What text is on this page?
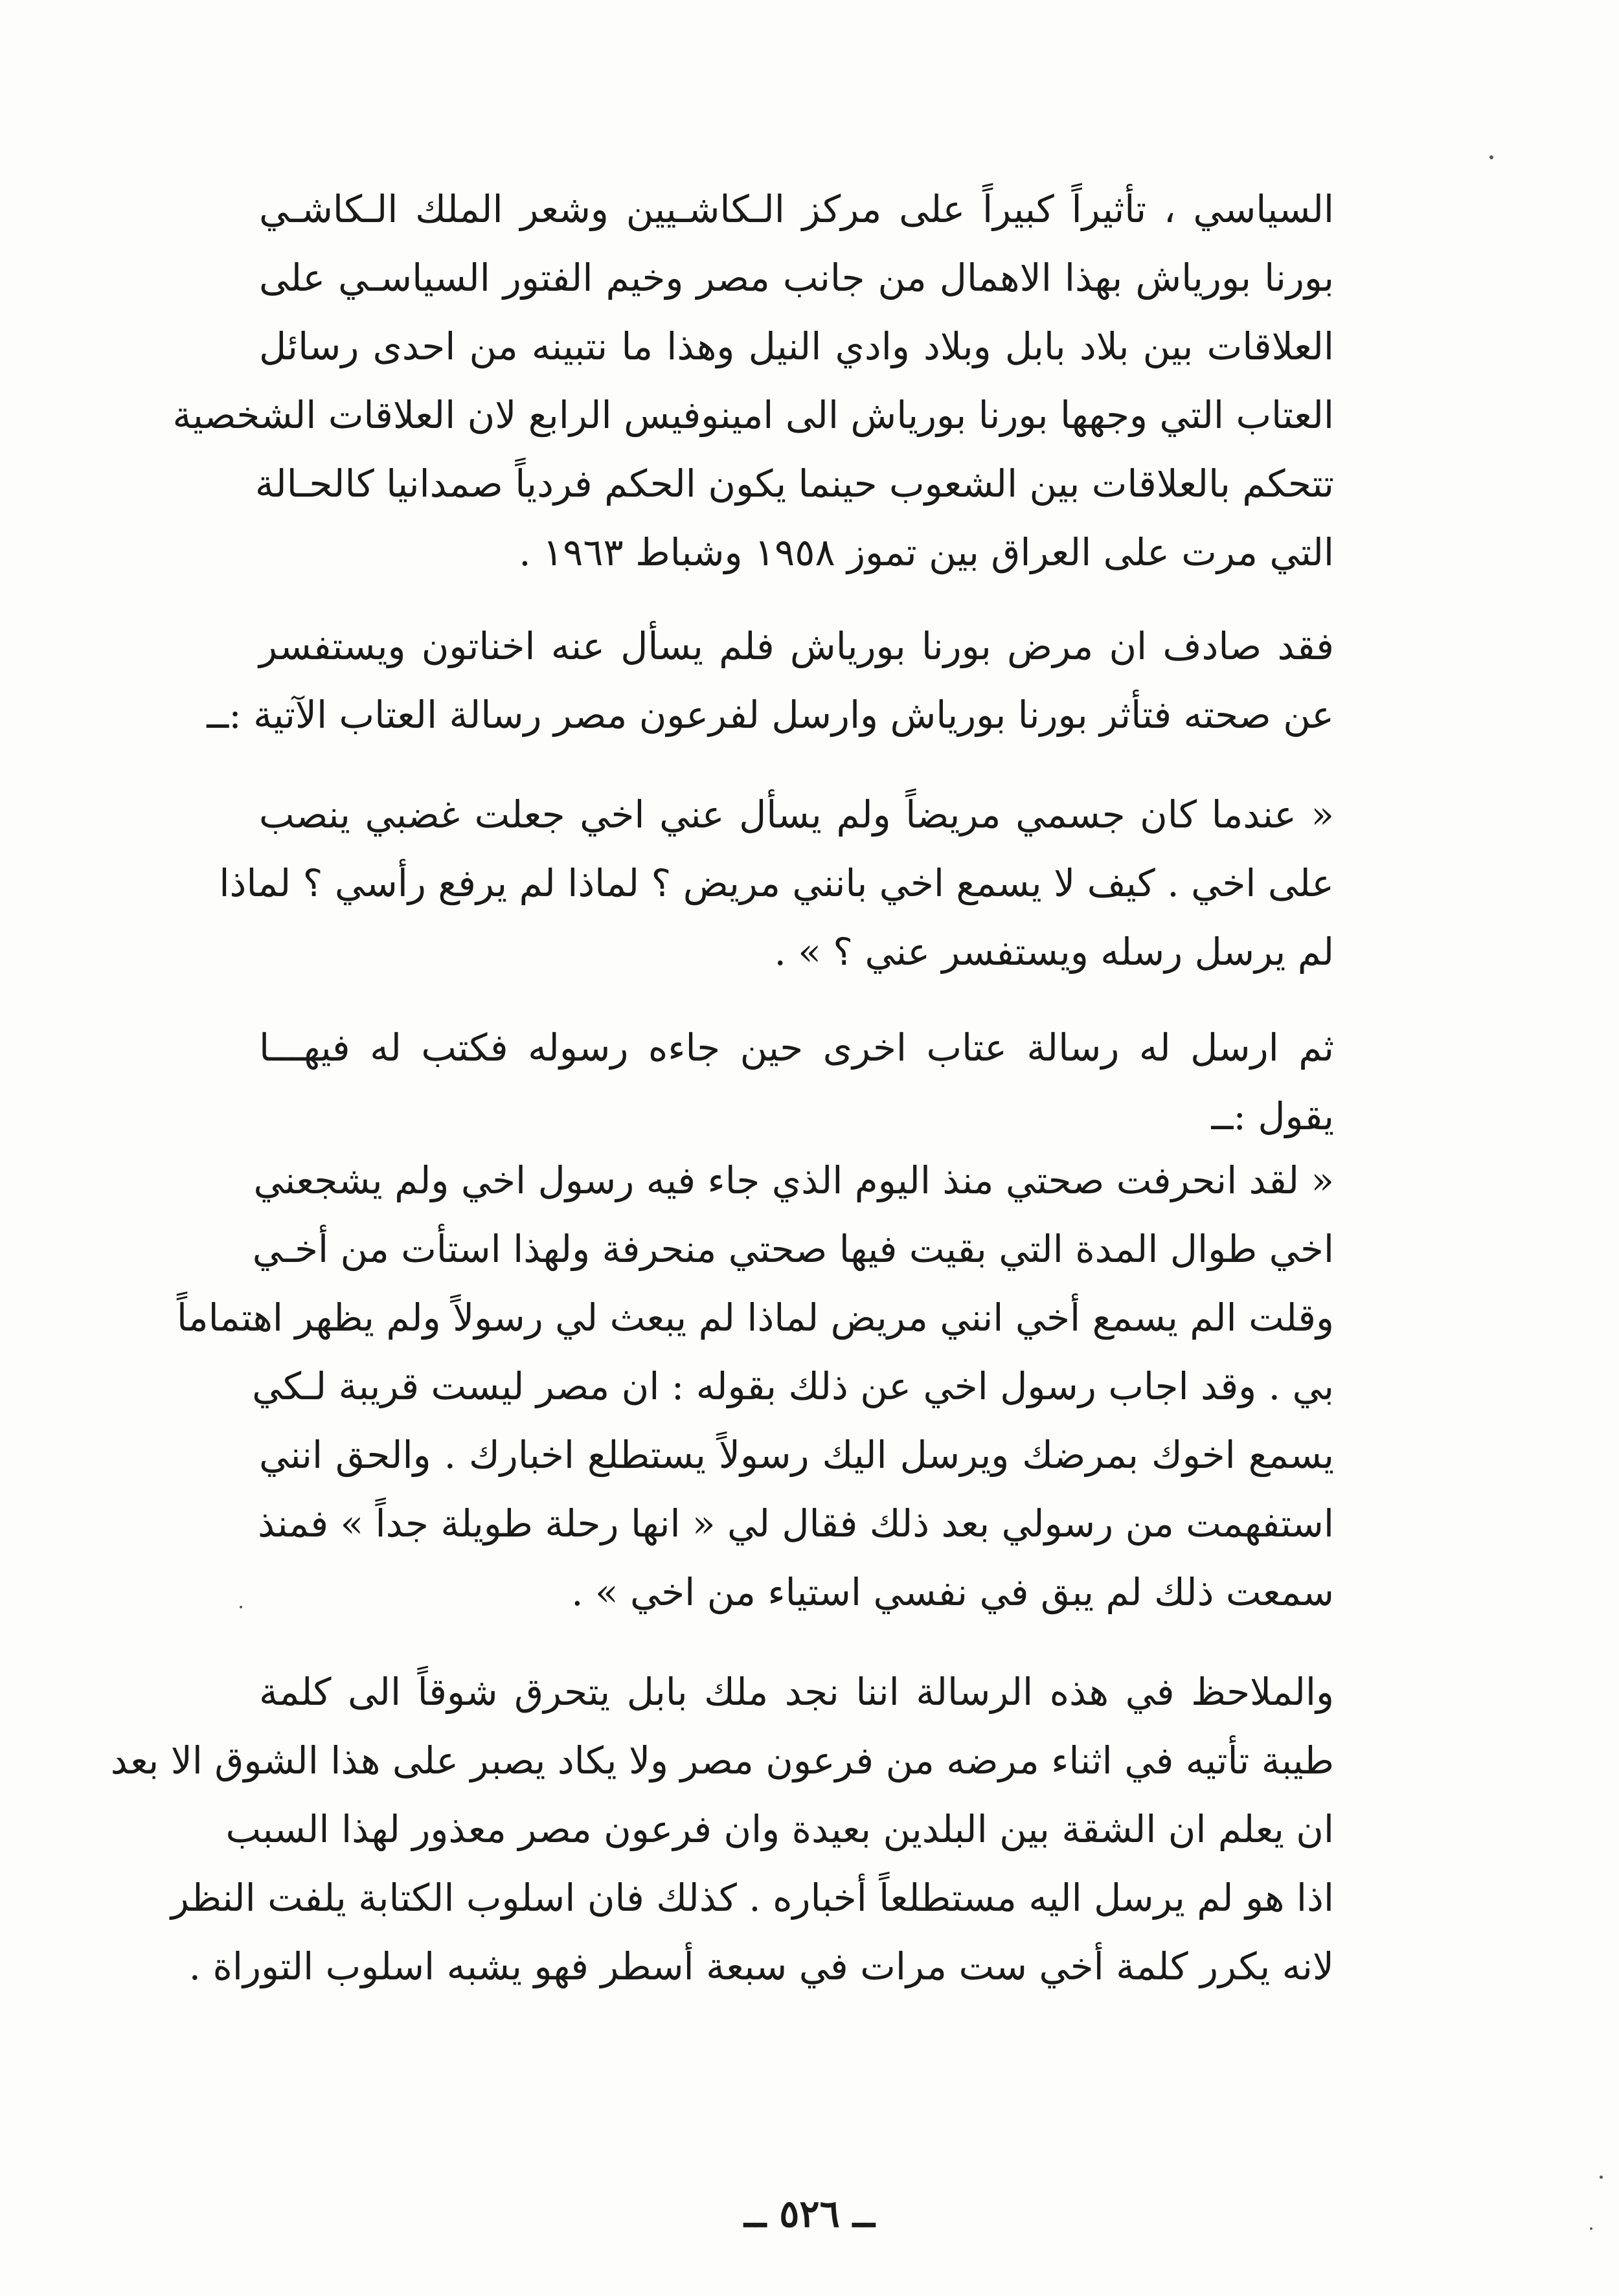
السياسي ، تأثيراً كبيراً على مركز الـكاشـيين وشعر الملك الـكاشـي
بورنا بورياش بهذا الاهمال من جانب مصر وخيم الفتور السياسـي على
العلاقات بين بلاد بابل وبلاد وادي النيل وهذا ما نتبينه من احدى رسائل
العتاب التي وجهها بورنا بورياش الى امينوفيس الرابع لان العلاقات الشخصية
تتحكم بالعلاقات بين الشعوب حينما يكون الحكم فردياً صمدانيا كالحـالة
التي مرت على العراق بين تموز ١٩٥٨ وشباط ١٩٦٣ .
فقد صادف ان مرض بورنا بورياش فلم يسأل عنه اخناتون ويستفسر
عن صحته فتأثر بورنا بورياش وارسل لفرعون مصر رسالة العتاب الآتية :ــ
« عندما كان جسمي مريضاً ولم يسأل عني اخي جعلت غضبي ينصب
على اخي . كيف لا يسمع اخي بانني مريض ؟ لماذا لم يرفع رأسي ؟ لماذا
لم يرسل رسله ويستفسر عني ؟ » .
ثم ارسل له رسالة عتاب اخرى حين جاءه رسوله فكتب له فيهـــا
يقول :ــ
« لقد انحرفت صحتي منذ اليوم الذي جاء فيه رسول اخي ولم يشجعني
اخي طوال المدة التي بقيت فيها صحتي منحرفة ولهذا استأت من أخـي
وقلت الم يسمع أخي انني مريض لماذا لم يبعث لي رسولاً ولم يظهر اهتماماً
بي . وقد اجاب رسول اخي عن ذلك بقوله : ان مصر ليست قريبة لـكي
يسمع اخوك بمرضك ويرسل اليك رسولاً يستطلع اخبارك . والحق انني
استفهمت من رسولي بعد ذلك فقال لي « انها رحلة طويلة جداً » فمنذ
سمعت ذلك لم يبق في نفسي استياء من اخي » .
والملاحظ في هذه الرسالة اننا نجد ملك بابل يتحرق شوقاً الى كلمة
طيبة تأتيه في اثناء مرضه من فرعون مصر ولا يكاد يصبر على هذا الشوق الا بعد
ان يعلم ان الشقة بين البلدين بعيدة وان فرعون مصر معذور لهذا السبب
اذا هو لم يرسل اليه مستطلعاً أخباره . كذلك فان اسلوب الكتابة يلفت النظر
لانه يكرر كلمة أخي ست مرات في سبعة أسطر فهو يشبه اسلوب التوراة .
ــ ٥٢٦ ــ
